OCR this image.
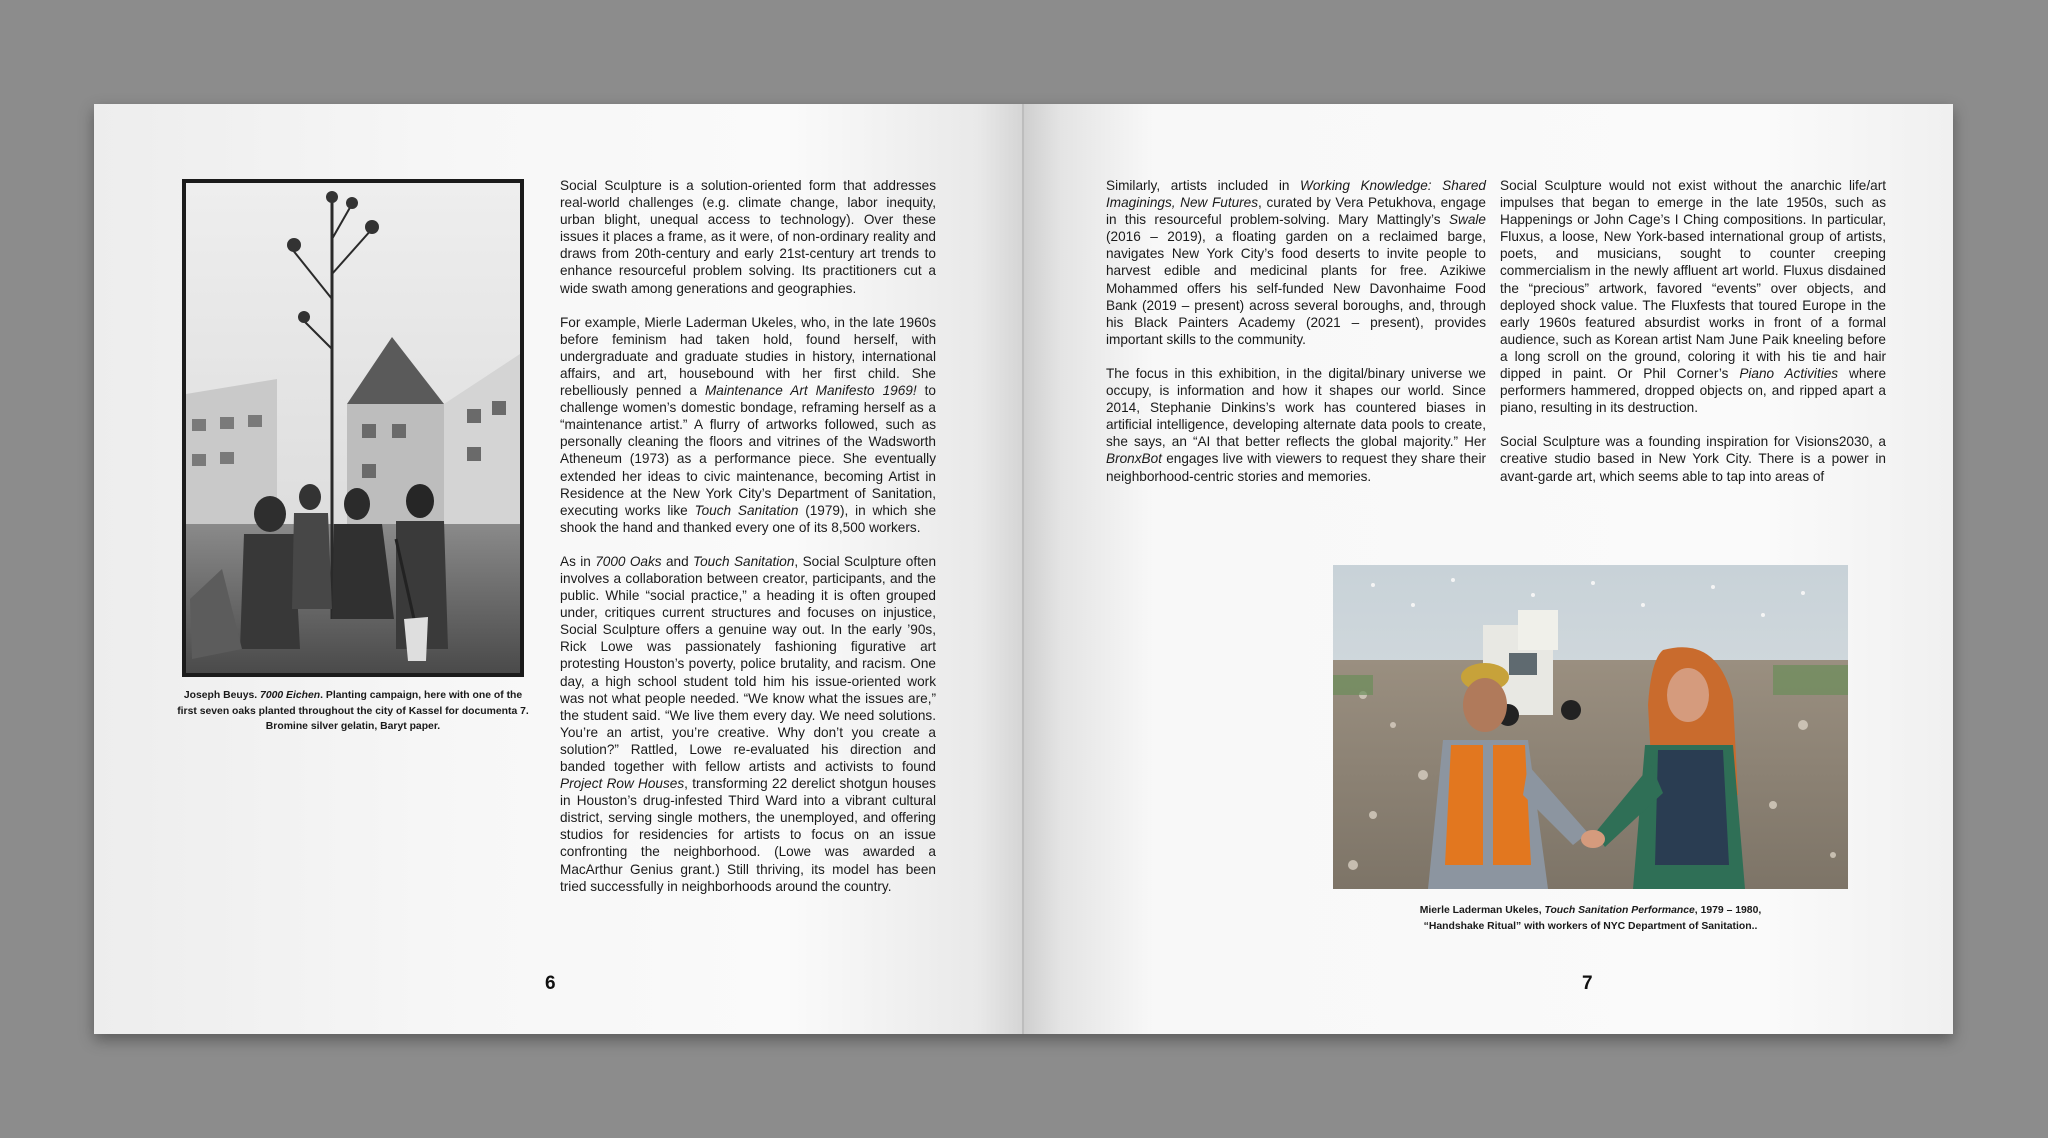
Joseph Beuys. 7000 Eichen. Planting campaign, here with one of the
first seven oaks planted throughout the city of Kassel for documenta 7.
Bromine silver gelatin, Baryt paper.

Social Sculpture is a solution-oriented form that addresses real-world challenges (e.g. climate change, labor inequity, urban blight, unequal access to technology). Over these issues it places a frame, as it were, of non-ordinary reality and draws from 20th-century and early 21st-century art trends to enhance resourceful problem solving. Its practitioners cut a wide swath among generations and geographies.

For example, Mierle Laderman Ukeles, who, in the late 1960s before feminism had taken hold, found herself, with undergraduate and graduate studies in history, international affairs, and art, housebound with her first child. She rebelliously penned a Maintenance Art Manifesto 1969! to challenge women’s domestic bondage, reframing herself as a “maintenance artist.” A flurry of artworks followed, such as personally cleaning the floors and vitrines of the Wadsworth Atheneum (1973) as a performance piece. She eventually extended her ideas to civic maintenance, becoming Artist in Residence at the New York City’s Department of Sanitation, executing works like Touch Sanitation (1979), in which she shook the hand and thanked every one of its 8,500 workers.

As in 7000 Oaks and Touch Sanitation, Social Sculpture often involves a collaboration between creator, participants, and the public. While “social practice,” a heading it is often grouped under, critiques current structures and focuses on injustice, Social Sculpture offers a genuine way out. In the early ’90s, Rick Lowe was passionately fashioning figurative art protesting Houston’s poverty, police brutality, and racism. One day, a high school student told him his issue-oriented work was not what people needed. “We know what the issues are,” the student said. “We live them every day. We need solutions. You’re an artist, you’re creative. Why don’t you create a solution?” Rattled, Lowe re-evaluated his direction and banded together with fellow artists and activists to found Project Row Houses, transforming 22 derelict shotgun houses in Houston’s drug-infested Third Ward into a vibrant cultural district, serving single mothers, the unemployed, and offering studios for residencies for artists to focus on an issue confronting the neighborhood. (Lowe was awarded a MacArthur Genius grant.) Still thriving, its model has been tried successfully in neighborhoods around the country.

6

Similarly, artists included in Working Knowledge: Shared Imaginings, New Futures, curated by Vera Petukhova, engage in this resourceful problem-solving. Mary Mattingly’s Swale (2016 – 2019), a floating garden on a reclaimed barge, navigates New York City’s food deserts to invite people to harvest edible and medicinal plants for free. Azikiwe Mohammed offers his self-funded New Davonhaime Food Bank (2019 – present) across several boroughs, and, through his Black Painters Academy (2021 – present), provides important skills to the community.

The focus in this exhibition, in the digital/binary universe we occupy, is information and how it shapes our world. Since 2014, Stephanie Dinkins’s work has countered biases in artificial intelligence, developing alternate data pools to create, she says, an “AI that better reflects the global majority.” Her BronxBot engages live with viewers to request they share their neighborhood-centric stories and memories.

Social Sculpture would not exist without the anarchic life/art impulses that began to emerge in the late 1950s, such as Happenings or John Cage’s I Ching compositions. In particular, Fluxus, a loose, New York-based international group of artists, poets, and musicians, sought to counter creeping commercialism in the newly affluent art world. Fluxus disdained the “precious” artwork, favored “events” over objects, and deployed shock value. The Fluxfests that toured Europe in the early 1960s featured absurdist works in front of a formal audience, such as Korean artist Nam June Paik kneeling before a long scroll on the ground, coloring it with his tie and hair dipped in paint. Or Phil Corner’s Piano Activities where performers hammered, dropped objects on, and ripped apart a piano, resulting in its destruction.

Social Sculpture was a founding inspiration for Visions2030, a creative studio based in New York City. There is a power in avant-garde art, which seems able to tap into areas of

Mierle Laderman Ukeles, Touch Sanitation Performance, 1979 – 1980,
“Handshake Ritual” with workers of NYC Department of Sanitation..
7
